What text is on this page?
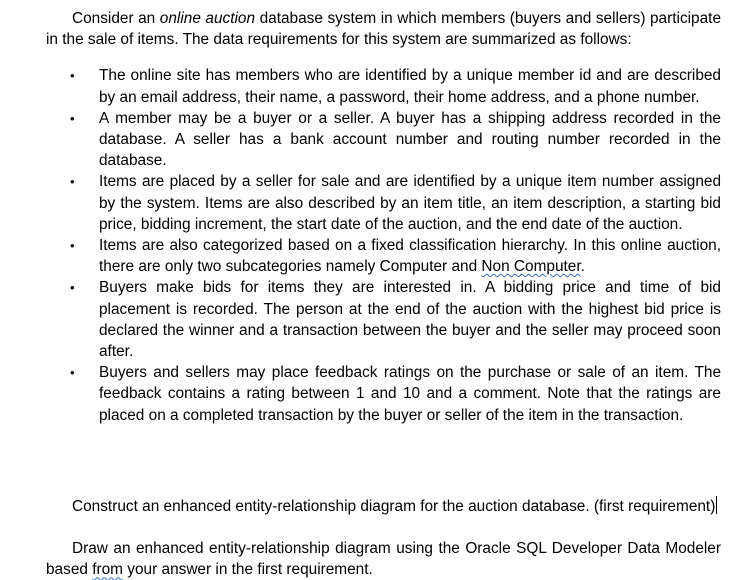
Consider an online auction database system in which members (buyers and sellers) participate in the sale of items. The data requirements for this system are summarized as follows:

• The online site has members who are identified by a unique member id and are described by an email address, their name, a password, their home address, and a phone number.
• A member may be a buyer or a seller. A buyer has a shipping address recorded in the database. A seller has a bank account number and routing number recorded in the database.
• Items are placed by a seller for sale and are identified by a unique item number assigned by the system. Items are also described by an item title, an item description, a starting bid price, bidding increment, the start date of the auction, and the end date of the auction.
• Items are also categorized based on a fixed classification hierarchy. In this online auction, there are only two subcategories namely Computer and Non Computer.
• Buyers make bids for items they are interested in. A bidding price and time of bid placement is recorded. The person at the end of the auction with the highest bid price is declared the winner and a transaction between the buyer and the seller may proceed soon after.
• Buyers and sellers may place feedback ratings on the purchase or sale of an item. The feedback contains a rating between 1 and 10 and a comment. Note that the ratings are placed on a completed transaction by the buyer or seller of the item in the transaction.

Construct an enhanced entity-relationship diagram for the auction database. (first requirement)

Draw an enhanced entity-relationship diagram using the Oracle SQL Developer Data Modeler based from your answer in the first requirement.
